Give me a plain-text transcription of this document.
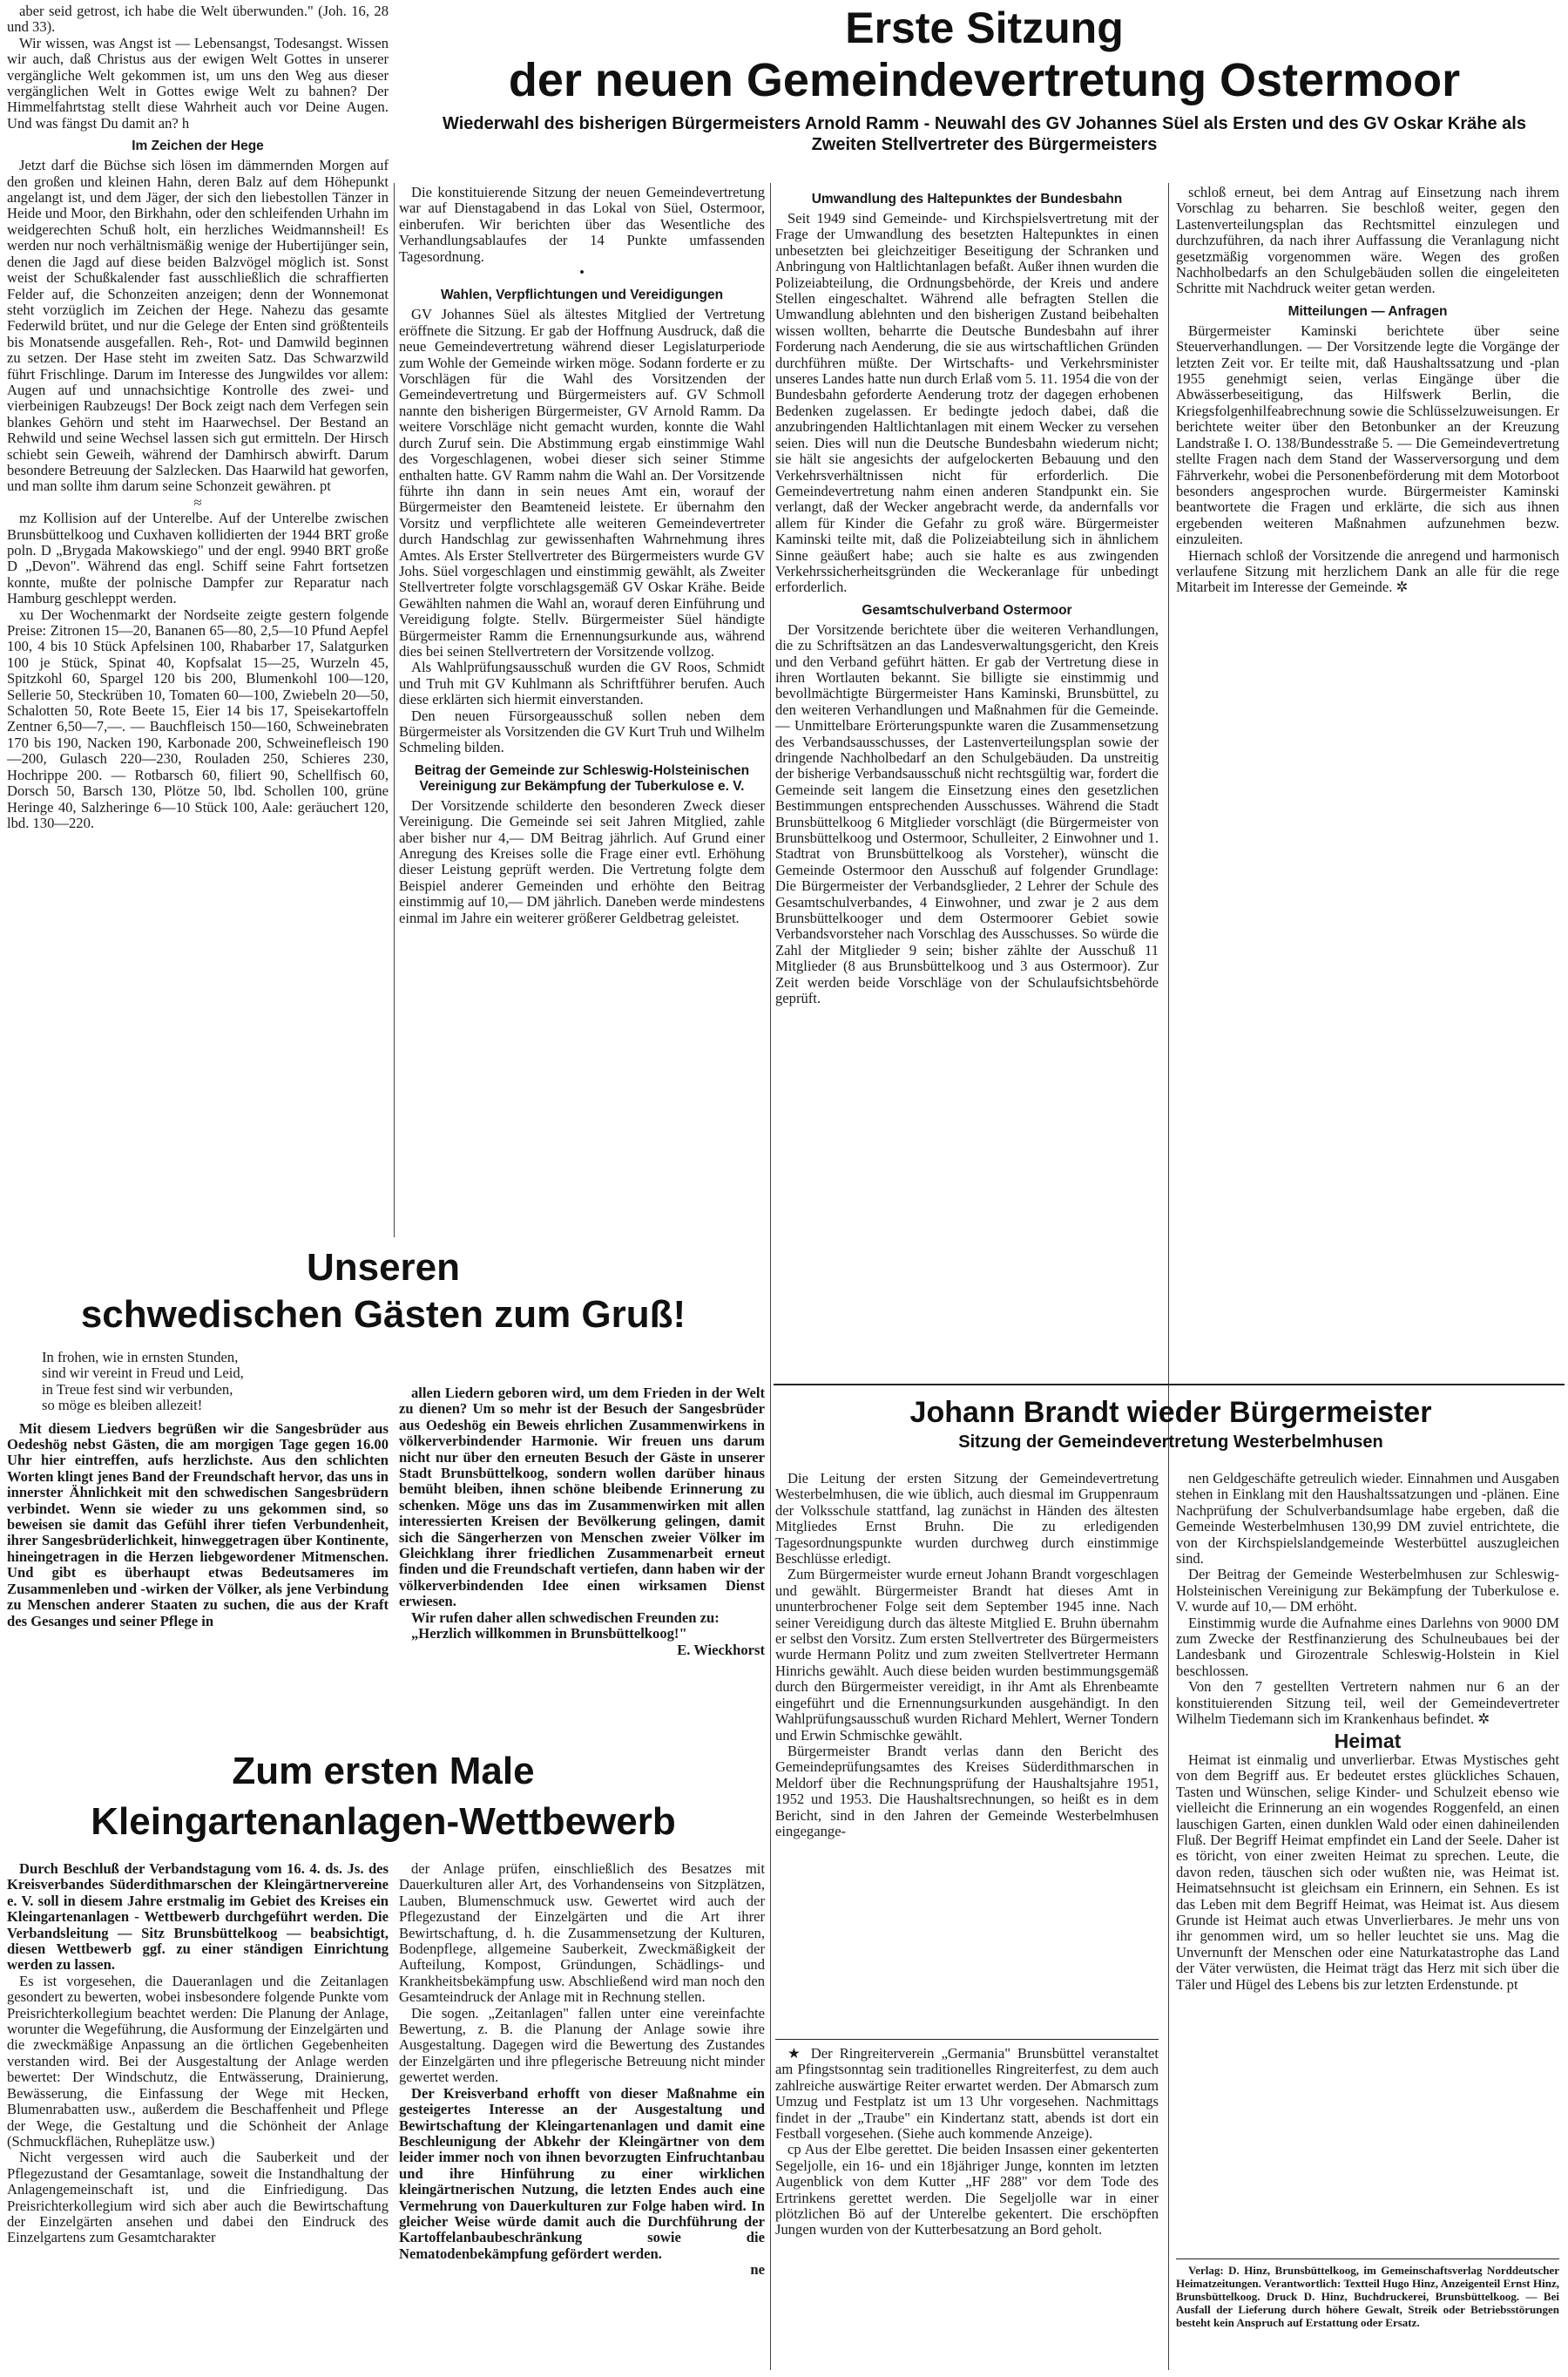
Erste Sitzung
der neuen Gemeindevertretung Ostermoor
Wiederwahl des bisherigen Bürgermeisters Arnold Ramm - Neuwahl des GV Johannes Süel als Ersten und des GV Oskar Krähe als Zweiten Stellvertreter des Bürgermeisters

aber seid getrost, ich habe die Welt überwunden." (Joh. 16, 28 und 33).

Wir wissen, was Angst ist — Lebensangst, Todesangst. Wissen wir auch, daß Christus aus der ewigen Welt Gottes in unserer vergängliche Welt gekommen ist, um uns den Weg aus dieser vergänglichen Welt in Gottes ewige Welt zu bahnen? Der Himmelfahrtstag stellt diese Wahrheit auch vor Deine Augen. Und was fängst Du damit an? h

Im Zeichen der Hege

Jetzt darf die Büchse sich lösen im dämmernden Morgen auf den großen und kleinen Hahn, deren Balz auf dem Höhepunkt angelangt ist, und dem Jäger, der sich den liebestollen Tänzer in Heide und Moor, den Birkhahn, oder den schleifenden Urhahn im weidgerechten Schuß holt, ein herzliches Weidmannsheil! Es werden nur noch verhältnismäßig wenige der Hubertijünger sein, denen die Jagd auf diese beiden Balzvögel möglich ist. Sonst weist der Schußkalender fast ausschließlich die schraffierten Felder auf, die Schonzeiten anzeigen; denn der Wonnemonat steht vorzüglich im Zeichen der Hege. Nahezu das gesamte Federwild brütet, und nur die Gelege der Enten sind größtenteils bis Monatsende ausgefallen. Reh-, Rot- und Damwild beginnen zu setzen. Der Hase steht im zweiten Satz. Das Schwarzwild führt Frischlinge. Darum im Interesse des Jungwildes vor allem: Augen auf und unnachsichtige Kontrolle des zwei- und vierbeinigen Raubzeugs! Der Bock zeigt nach dem Verfegen sein blankes Gehörn und steht im Haarwechsel. Der Bestand an Rehwild und seine Wechsel lassen sich gut ermitteln. Der Hirsch schiebt sein Geweih, während der Damhirsch abwirft. Darum besondere Betreuung der Salzlecken. Das Haarwild hat geworfen, und man sollte ihm darum seine Schonzeit gewähren. pt

≈

mz Kollision auf der Unterelbe. Auf der Unterelbe zwischen Brunsbüttelkoog und Cuxhaven kollidierten der 1944 BRT große poln. D „Brygada Makowskiego" und der engl. 9940 BRT große D „Devon". Während das engl. Schiff seine Fahrt fortsetzen konnte, mußte der polnische Dampfer zur Reparatur nach Hamburg geschleppt werden.

xu Der Wochenmarkt der Nordseite zeigte gestern folgende Preise: Zitronen 15—20, Bananen 65—80, 2,5—10 Pfund Aepfel 100, 4 bis 10 Stück Apfelsinen 100, Rhabarber 17, Salatgurken 100 je Stück, Spinat 40, Kopfsalat 15—25, Wurzeln 45, Spitzkohl 60, Spargel 120 bis 200, Blumenkohl 100—120, Sellerie 50, Steckrüben 10, Tomaten 60—100, Zwiebeln 20—50, Schalotten 50, Rote Beete 15, Eier 14 bis 17, Speisekartoffeln Zentner 6,50—7,—. — Bauchfleisch 150—160, Schweinebraten 170 bis 190, Nacken 190, Karbonade 200, Schweinefleisch 190—200, Gulasch 220—230, Rouladen 250, Schieres 230, Hochrippe 200. — Rotbarsch 60, filiert 90, Schellfisch 60, Dorsch 50, Barsch 130, Plötze 50, lbd. Schollen 100, grüne Heringe 40, Salzheringe 6—10 Stück 100, Aale: geräuchert 120, lbd. 130—220.

Die konstituierende Sitzung der neuen Gemeindevertretung war auf Dienstagabend in das Lokal von Süel, Ostermoor, einberufen. Wir berichten über das Wesentliche des Verhandlungsablaufes der 14 Punkte umfassenden Tagesordnung.

•

Wahlen, Verpflichtungen und Vereidigungen

GV Johannes Süel als ältestes Mitglied der Vertretung eröffnete die Sitzung. Er gab der Hoffnung Ausdruck, daß die neue Gemeindevertretung während dieser Legislaturperiode zum Wohle der Gemeinde wirken möge. Sodann forderte er zu Vorschlägen für die Wahl des Vorsitzenden der Gemeindevertretung und Bürgermeisters auf. GV Schmoll nannte den bisherigen Bürgermeister, GV Arnold Ramm. Da weitere Vorschläge nicht gemacht wurden, konnte die Wahl durch Zuruf sein. Die Abstimmung ergab einstimmige Wahl des Vorgeschlagenen, wobei dieser sich seiner Stimme enthalten hatte. GV Ramm nahm die Wahl an. Der Vorsitzende führte ihn dann in sein neues Amt ein, worauf der Bürgermeister den Beamteneid leistete. Er übernahm den Vorsitz und verpflichtete alle weiteren Gemeindevertreter durch Handschlag zur gewissenhaften Wahrnehmung ihres Amtes. Als Erster Stellvertreter des Bürgermeisters wurde GV Johs. Süel vorgeschlagen und einstimmig gewählt, als Zweiter Stellvertreter folgte vorschlagsgemäß GV Oskar Krähe. Beide Gewählten nahmen die Wahl an, worauf deren Einführung und Vereidigung folgte. Stellv. Bürgermeister Süel händigte Bürgermeister Ramm die Ernennungsurkunde aus, während dies bei seinen Stellvertretern der Vorsitzende vollzog.

Als Wahlprüfungsausschuß wurden die GV Roos, Schmidt und Truh mit GV Kuhlmann als Schriftführer berufen. Auch diese erklärten sich hiermit einverstanden.

Den neuen Fürsorgeausschuß sollen neben dem Bürgermeister als Vorsitzenden die GV Kurt Truh und Wilhelm Schmeling bilden.

Beitrag der Gemeinde zur Schleswig-Holsteinischen Vereinigung zur Bekämpfung der Tuberkulose e. V.

Der Vorsitzende schilderte den besonderen Zweck dieser Vereinigung. Die Gemeinde sei seit Jahren Mitglied, zahle aber bisher nur 4,— DM Beitrag jährlich. Auf Grund einer Anregung des Kreises solle die Frage einer evtl. Erhöhung dieser Leistung geprüft werden. Die Vertretung folgte dem Beispiel anderer Gemeinden und erhöhte den Beitrag einstimmig auf 10,— DM jährlich. Daneben werde mindestens einmal im Jahre ein weiterer größerer Geldbetrag geleistet.

Umwandlung des Haltepunktes der Bundesbahn

Seit 1949 sind Gemeinde- und Kirchspielsvertretung mit der Frage der Umwandlung des besetzten Haltepunktes in einen unbesetzten bei gleichzeitiger Beseitigung der Schranken und Anbringung von Haltlichtanlagen befaßt. Außer ihnen wurden die Polizeiabteilung, die Ordnungsbehörde, der Kreis und andere Stellen eingeschaltet. Während alle befragten Stellen die Umwandlung ablehnten und den bisherigen Zustand beibehalten wissen wollten, beharrte die Deutsche Bundesbahn auf ihrer Forderung nach Aenderung, die sie aus wirtschaftlichen Gründen durchführen müßte. Der Wirtschafts- und Verkehrsminister unseres Landes hatte nun durch Erlaß vom 5. 11. 1954 die von der Bundesbahn geforderte Aenderung trotz der dagegen erhobenen Bedenken zugelassen. Er bedingte jedoch dabei, daß die anzubringenden Haltlichtanlagen mit einem Wecker zu versehen seien. Dies will nun die Deutsche Bundesbahn wiederum nicht; sie hält sie angesichts der aufgelockerten Bebauung und den Verkehrsverhältnissen nicht für erforderlich. Die Gemeindevertretung nahm einen anderen Standpunkt ein. Sie verlangt, daß der Wecker angebracht werde, da andernfalls vor allem für Kinder die Gefahr zu groß wäre. Bürgermeister Kaminski teilte mit, daß die Polizeiabteilung sich in ähnlichem Sinne geäußert habe; auch sie halte es aus zwingenden Verkehrssicherheitsgründen die Weckeranlage für unbedingt erforderlich.

Gesamtschulverband Ostermoor

Der Vorsitzende berichtete über die weiteren Verhandlungen, die zu Schriftsätzen an das Landesverwaltungsgericht, den Kreis und den Verband geführt hätten. Er gab der Vertretung diese in ihren Wortlauten bekannt. Sie billigte sie einstimmig und bevollmächtigte Bürgermeister Hans Kaminski, Brunsbüttel, zu den weiteren Verhandlungen und Maßnahmen für die Gemeinde. — Unmittelbare Erörterungspunkte waren die Zusammensetzung des Verbandsausschusses, der Lastenverteilungsplan sowie der dringende Nachholbedarf an den Schulgebäuden. Da unstreitig der bisherige Verbandsausschuß nicht rechtsgültig war, fordert die Gemeinde seit langem die Einsetzung eines den gesetzlichen Bestimmungen entsprechenden Ausschusses. Während die Stadt Brunsbüttelkoog 6 Mitglieder vorschlägt (die Bürgermeister von Brunsbüttelkoog und Ostermoor, Schulleiter, 2 Einwohner und 1. Stadtrat von Brunsbüttelkoog als Vorsteher), wünscht die Gemeinde Ostermoor den Ausschuß auf folgender Grundlage: Die Bürgermeister der Verbandsglieder, 2 Lehrer der Schule des Gesamtschulverbandes, 4 Einwohner, und zwar je 2 aus dem Brunsbüttelkooger und dem Ostermoorer Gebiet sowie Verbandsvorsteher nach Vorschlag des Ausschusses. So würde die Zahl der Mitglieder 9 sein; bisher zählte der Ausschuß 11 Mitglieder (8 aus Brunsbüttelkoog und 3 aus Ostermoor). Zur Zeit werden beide Vorschläge von der Schulaufsichtsbehörde geprüft.

schloß erneut, bei dem Antrag auf Einsetzung nach ihrem Vorschlag zu beharren. Sie beschloß weiter, gegen den Lastenverteilungsplan das Rechtsmittel einzulegen und durchzuführen, da nach ihrer Auffassung die Veranlagung nicht gesetzmäßig vorgenommen wäre. Wegen des großen Nachholbedarfs an den Schulgebäuden sollen die eingeleiteten Schritte mit Nachdruck weiter getan werden.

Mitteilungen — Anfragen

Bürgermeister Kaminski berichtete über seine Steuerverhandlungen. — Der Vorsitzende legte die Vorgänge der letzten Zeit vor. Er teilte mit, daß Haushaltssatzung und -plan 1955 genehmigt seien, verlas Eingänge über die Abwässerbeseitigung, das Hilfswerk Berlin, die Kriegsfolgenhilfeabrechnung sowie die Schlüsselzuweisungen. Er berichtete weiter über den Betonbunker an der Kreuzung Landstraße I. O. 138/Bundesstraße 5. — Die Gemeindevertretung stellte Fragen nach dem Stand der Wasserversorgung und dem Fährverkehr, wobei die Personenbeförderung mit dem Motorboot besonders angesprochen wurde. Bürgermeister Kaminski beantwortete die Fragen und erklärte, die sich aus ihnen ergebenden weiteren Maßnahmen aufzunehmen bezw. einzuleiten.

Hiernach schloß der Vorsitzende die anregend und harmonisch verlaufene Sitzung mit herzlichem Dank an alle für die rege Mitarbeit im Interesse der Gemeinde. ✲

Unseren
schwedischen Gästen zum Gruß!

In frohen, wie in ernsten Stunden,
sind wir vereint in Freud und Leid,
in Treue fest sind wir verbunden,
so möge es bleiben allezeit!

Mit diesem Liedvers begrüßen wir die Sangesbrüder aus Oedeshög nebst Gästen, die am morgigen Tage gegen 16.00 Uhr hier eintreffen, aufs herzlichste. Aus den schlichten Worten klingt jenes Band der Freundschaft hervor, das uns in innerster Ähnlichkeit mit den schwedischen Sangesbrüdern verbindet. Wenn sie wieder zu uns gekommen sind, so beweisen sie damit das Gefühl ihrer tiefen Verbundenheit, ihrer Sangesbrüderlichkeit, hinweggetragen über Kontinente, hineingetragen in die Herzen liebgewordener Mitmenschen. Und gibt es überhaupt etwas Bedeutsameres im Zusammenleben und -wirken der Völker, als jene Verbindung zu Menschen anderer Staaten zu suchen, die aus der Kraft des Gesanges und seiner Pflege in

allen Liedern geboren wird, um dem Frieden in der Welt zu dienen? Um so mehr ist der Besuch der Sangesbrüder aus Oedeshög ein Beweis ehrlichen Zusammenwirkens in völkerverbindender Harmonie. Wir freuen uns darum nicht nur über den erneuten Besuch der Gäste in unserer Stadt Brunsbüttelkoog, sondern wollen darüber hinaus bemüht bleiben, ihnen schöne bleibende Erinnerung zu schenken. Möge uns das im Zusammenwirken mit allen interessierten Kreisen der Bevölkerung gelingen, damit sich die Sängerherzen von Menschen zweier Völker im Gleichklang ihrer friedlichen Zusammenarbeit erneut finden und die Freundschaft vertiefen, dann haben wir der völkerverbindenden Idee einen wirksamen Dienst erwiesen.

Wir rufen daher allen schwedischen Freunden zu:

„Herzlich willkommen in Brunsbüttelkoog!"

E. Wieckhorst

Zum ersten Male
Kleingartenanlagen-Wettbewerb

Durch Beschluß der Verbandstagung vom 16. 4. ds. Js. des Kreisverbandes Süderdithmarschen der Kleingärtnervereine e. V. soll in diesem Jahre erstmalig im Gebiet des Kreises ein Kleingartenanlagen - Wettbewerb durchgeführt werden. Die Verbandsleitung — Sitz Brunsbüttelkoog — beabsichtigt, diesen Wettbewerb ggf. zu einer ständigen Einrichtung werden zu lassen.

Es ist vorgesehen, die Daueranlagen und die Zeitanlagen gesondert zu bewerten, wobei insbesondere folgende Punkte vom Preisrichterkollegium beachtet werden: Die Planung der Anlage, worunter die Wegeführung, die Ausformung der Einzelgärten und die zweckmäßige Anpassung an die örtlichen Gegebenheiten verstanden wird. Bei der Ausgestaltung der Anlage werden bewertet: Der Windschutz, die Entwässerung, Drainierung, Bewässerung, die Einfassung der Wege mit Hecken, Blumenrabatten usw., außerdem die Beschaffenheit und Pflege der Wege, die Gestaltung und die Schönheit der Anlage (Schmuckflächen, Ruheplätze usw.)

Nicht vergessen wird auch die Sauberkeit und der Pflegezustand der Gesamtanlage, soweit die Instandhaltung der Anlagengemeinschaft ist, und die Einfriedigung. Das Preisrichterkollegium wird sich aber auch die Bewirtschaftung der Einzelgärten ansehen und dabei den Eindruck des Einzelgartens zum Gesamtcharakter

der Anlage prüfen, einschließlich des Besatzes mit Dauerkulturen aller Art, des Vorhandenseins von Sitzplätzen, Lauben, Blumenschmuck usw. Gewertet wird auch der Pflegezustand der Einzelgärten und die Art ihrer Bewirtschaftung, d. h. die Zusammensetzung der Kulturen, Bodenpflege, allgemeine Sauberkeit, Zweckmäßigkeit der Aufteilung, Kompost, Gründungen, Schädlings- und Krankheitsbekämpfung usw. Abschließend wird man noch den Gesamteindruck der Anlage mit in Rechnung stellen.

Die sogen. „Zeitanlagen" fallen unter eine vereinfachte Bewertung, z. B. die Planung der Anlage sowie ihre Ausgestaltung. Dagegen wird die Bewertung des Zustandes der Einzelgärten und ihre pflegerische Betreuung nicht minder gewertet werden.

Der Kreisverband erhofft von dieser Maßnahme ein gesteigertes Interesse an der Ausgestaltung und Bewirtschaftung der Kleingartenanlagen und damit eine Beschleunigung der Abkehr der Kleingärtner von dem leider immer noch von ihnen bevorzugten Einfruchtanbau und ihre Hinführung zu einer wirklichen kleingärtnerischen Nutzung, die letzten Endes auch eine Vermehrung von Dauerkulturen zur Folge haben wird. In gleicher Weise würde damit auch die Durchführung der Kartoffelanbaubeschränkung sowie die Nematodenbekämpfung gefördert werden.

ne

Johann Brandt wieder Bürgermeister
Sitzung der Gemeindevertretung Westerbelmhusen

Die Leitung der ersten Sitzung der Gemeindevertretung Westerbelmhusen, die wie üblich, auch diesmal im Gruppenraum der Volksschule stattfand, lag zunächst in Händen des ältesten Mitgliedes Ernst Bruhn. Die zu erledigenden Tagesordnungspunkte wurden durchweg durch einstimmige Beschlüsse erledigt.

Zum Bürgermeister wurde erneut Johann Brandt vorgeschlagen und gewählt. Bürgermeister Brandt hat dieses Amt in ununterbrochener Folge seit dem September 1945 inne. Nach seiner Vereidigung durch das älteste Mitglied E. Bruhn übernahm er selbst den Vorsitz. Zum ersten Stellvertreter des Bürgermeisters wurde Hermann Politz und zum zweiten Stellvertreter Hermann Hinrichs gewählt. Auch diese beiden wurden bestimmungsgemäß durch den Bürgermeister vereidigt, in ihr Amt als Ehrenbeamte eingeführt und die Ernennungsurkunden ausgehändigt. In den Wahlprüfungsausschuß wurden Richard Mehlert, Werner Tondern und Erwin Schmischke gewählt.

Bürgermeister Brandt verlas dann den Bericht des Gemeindeprüfungsamtes des Kreises Süderdithmarschen in Meldorf über die Rechnungsprüfung der Haushaltsjahre 1951, 1952 und 1953. Die Haushaltsrechnungen, so heißt es in dem Bericht, sind in den Jahren der Gemeinde Westerbelmhusen eingegange-

nen Geldgeschäfte getreulich wieder. Einnahmen und Ausgaben stehen in Einklang mit den Haushaltssatzungen und -plänen. Eine Nachprüfung der Schulverbandsumlage habe ergeben, daß die Gemeinde Westerbelmhusen 130,99 DM zuviel entrichtete, die von der Kirchspielslandgemeinde Westerbüttel auszugleichen sind.

Der Beitrag der Gemeinde Westerbelmhusen zur Schleswig-Holsteinischen Vereinigung zur Bekämpfung der Tuberkulose e. V. wurde auf 10,— DM erhöht.

Einstimmig wurde die Aufnahme eines Darlehns von 9000 DM zum Zwecke der Restfinanzierung des Schulneubaues bei der Landesbank und Girozentrale Schleswig-Holstein in Kiel beschlossen.

Von den 7 gestellten Vertretern nahmen nur 6 an der konstituierenden Sitzung teil, weil der Gemeindevertreter Wilhelm Tiedemann sich im Krankenhaus befindet. ✲

Heimat

Heimat ist einmalig und unverlierbar. Etwas Mystisches geht von dem Begriff aus. Er bedeutet erstes glückliches Schauen, Tasten und Wünschen, selige Kinder- und Schulzeit ebenso wie vielleicht die Erinnerung an ein wogendes Roggenfeld, an einen lauschigen Garten, einen dunklen Wald oder einen dahineilenden Fluß. Der Begriff Heimat empfindet ein Land der Seele. Daher ist es töricht, von einer zweiten Heimat zu sprechen. Leute, die davon reden, täuschen sich oder wußten nie, was Heimat ist. Heimatsehnsucht ist gleichsam ein Erinnern, ein Sehnen. Es ist das Leben mit dem Begriff Heimat, was Heimat ist. Aus diesem Grunde ist Heimat auch etwas Unverlierbares. Je mehr uns von ihr genommen wird, um so heller leuchtet sie uns. Mag die Unvernunft der Menschen oder eine Naturkatastrophe das Land der Väter verwüsten, die Heimat trägt das Herz mit sich über die Täler und Hügel des Lebens bis zur letzten Erdenstunde. pt

★ Der Ringreiterverein „Germania" Brunsbüttel veranstaltet am Pfingstsonntag sein traditionelles Ringreiterfest, zu dem auch zahlreiche auswärtige Reiter erwartet werden. Der Abmarsch zum Umzug und Festplatz ist um 13 Uhr vorgesehen. Nachmittags findet in der „Traube" ein Kindertanz statt, abends ist dort ein Festball vorgesehen. (Siehe auch kommende Anzeige).

cp Aus der Elbe gerettet. Die beiden Insassen einer gekenterten Segeljolle, ein 16- und ein 18jähriger Junge, konnten im letzten Augenblick von dem Kutter „HF 288" vor dem Tode des Ertrinkens gerettet werden. Die Segeljolle war in einer plötzlichen Bö auf der Unterelbe gekentert. Die erschöpften Jungen wurden von der Kutterbesatzung an Bord geholt.

Verlag: D. Hinz, Brunsbüttelkoog, im Gemeinschaftsverlag Norddeutscher Heimatzeitungen. Verantwortlich: Textteil Hugo Hinz, Anzeigenteil Ernst Hinz, Brunsbüttelkoog. Druck D. Hinz, Buchdruckerei, Brunsbüttelkoog. — Bei Ausfall der Lieferung durch höhere Gewalt, Streik oder Betriebsstörungen besteht kein Anspruch auf Erstattung oder Ersatz.
